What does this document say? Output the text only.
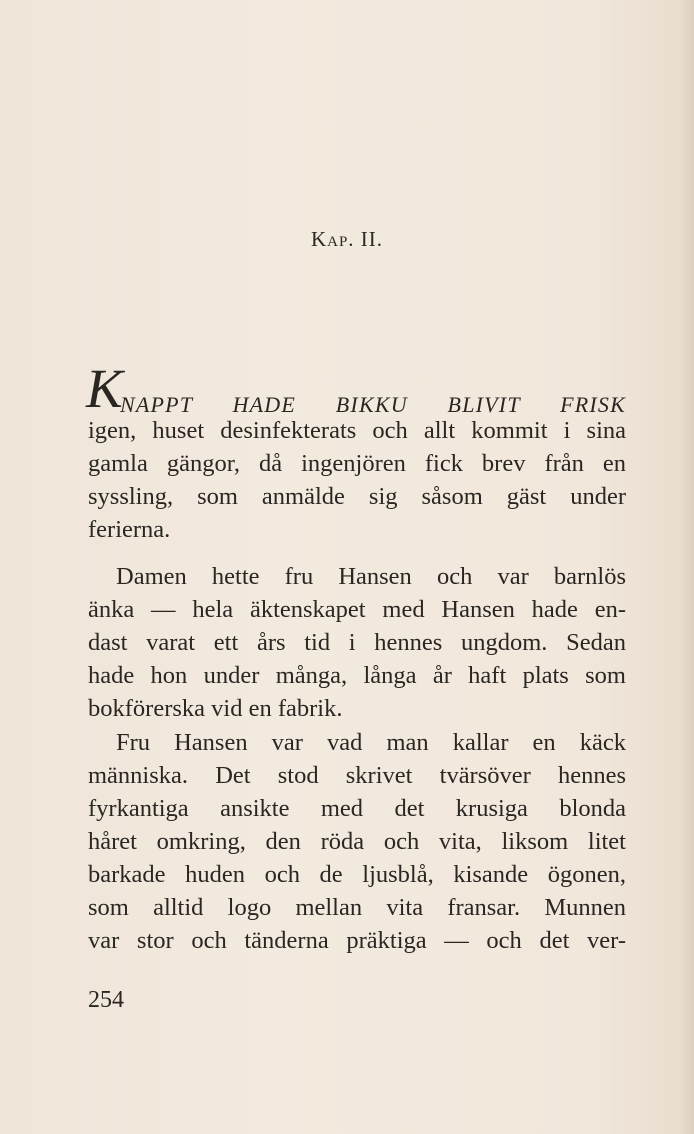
Kap. II.
K
NAPPT HADE BIKKU BLIVIT FRISK
igen, huset desinfekterats och allt kommit i sina
gamla gängor, då ingenjören fick brev från en
syssling, som anmälde sig såsom gäst under
ferierna.
Damen hette fru Hansen och var barnlös
änka — hela äktenskapet med Hansen hade en-
dast varat ett års tid i hennes ungdom. Sedan
hade hon under många, långa år haft plats som
bokförerska vid en fabrik.
Fru Hansen var vad man kallar en käck
människa. Det stod skrivet tvärsöver hennes
fyrkantiga ansikte med det krusiga blonda
håret omkring, den röda och vita, liksom litet
barkade huden och de ljusblå, kisande ögonen,
som alltid logo mellan vita fransar. Munnen
var stor och tänderna präktiga — och det ver-
254
